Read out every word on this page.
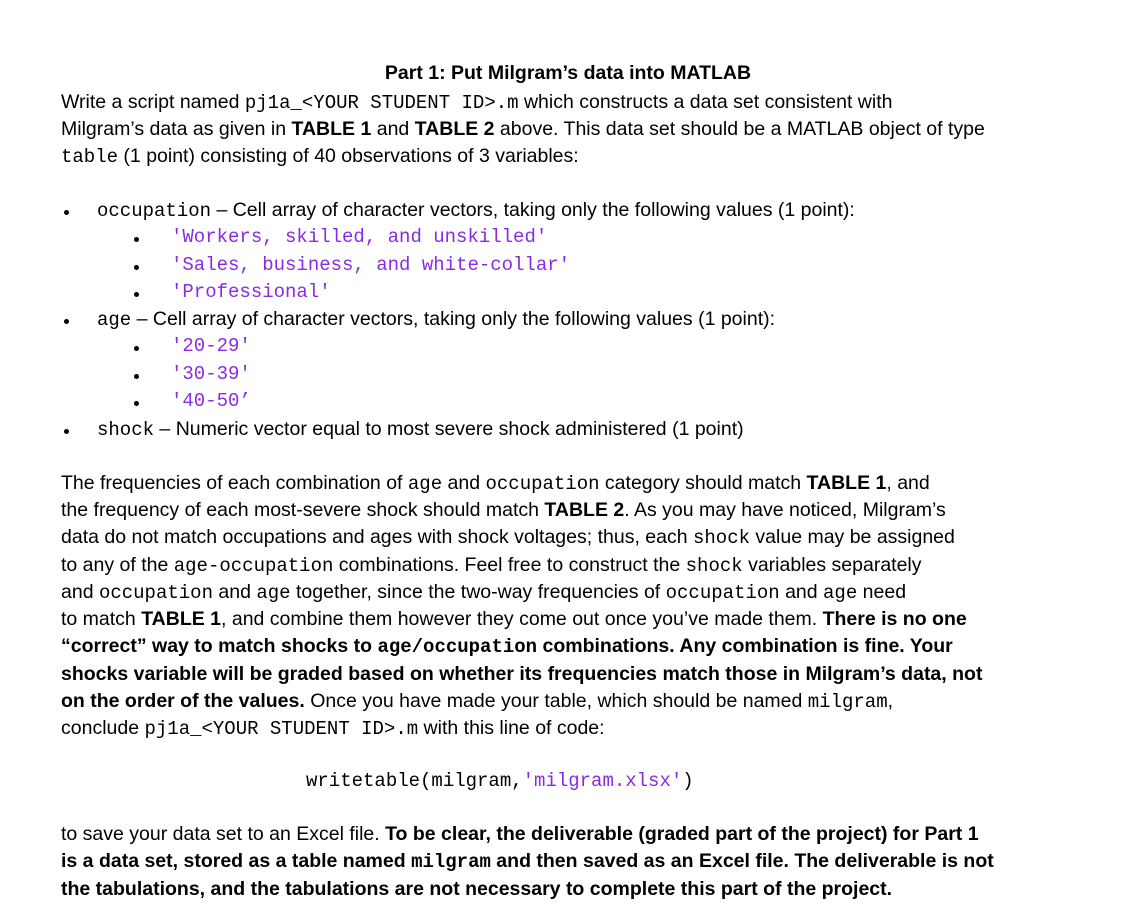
Part 1: Put Milgram’s data into MATLAB
Write a script named pj1a_<YOUR STUDENT ID>.m which constructs a data set consistent with
Milgram’s data as given in TABLE 1 and TABLE 2 above. This data set should be a MATLAB object of type
table (1 point) consisting of 40 observations of 3 variables:
occupation – Cell array of character vectors, taking only the following values (1 point):
'Workers, skilled, and unskilled'
'Sales, business, and white-collar'
'Professional'
age – Cell array of character vectors, taking only the following values (1 point):
'20-29'
'30-39'
'40-50’
shock – Numeric vector equal to most severe shock administered (1 point)
The frequencies of each combination of age and occupation category should match TABLE 1, and
the frequency of each most-severe shock should match TABLE 2. As you may have noticed, Milgram’s
data do not match occupations and ages with shock voltages; thus, each shock value may be assigned
to any of the age-occupation combinations. Feel free to construct the shock variables separately
and occupation and age together, since the two-way frequencies of occupation and age need
to match TABLE 1, and combine them however they come out once you’ve made them. There is no one
“correct” way to match shocks to age/occupation combinations. Any combination is fine. Your
shocks variable will be graded based on whether its frequencies match those in Milgram’s data, not
on the order of the values. Once you have made your table, which should be named milgram,
conclude pj1a_<YOUR STUDENT ID>.m with this line of code:
writetable(milgram,'milgram.xlsx')
to save your data set to an Excel file. To be clear, the deliverable (graded part of the project) for Part 1
is a data set, stored as a table named milgram and then saved as an Excel file. The deliverable is not
the tabulations, and the tabulations are not necessary to complete this part of the project.
